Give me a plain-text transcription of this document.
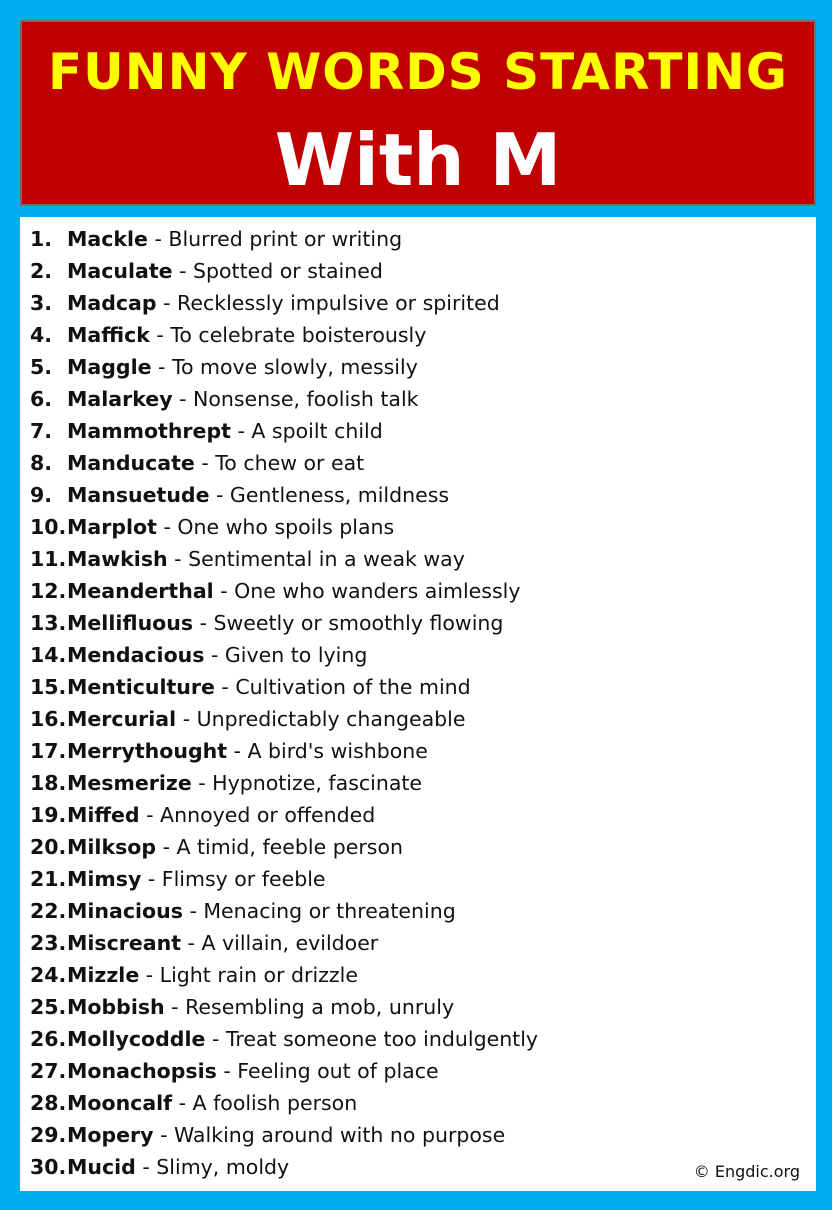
FUNNY WORDS STARTING
With M
1. Mackle - Blurred print or writing
2. Maculate - Spotted or stained
3. Madcap - Recklessly impulsive or spirited
4. Maffick - To celebrate boisterously
5. Maggle - To move slowly, messily
6. Malarkey - Nonsense, foolish talk
7. Mammothrept - A spoilt child
8. Manducate - To chew or eat
9. Mansuetude - Gentleness, mildness
10.Marplot - One who spoils plans
11.Mawkish - Sentimental in a weak way
12.Meanderthal - One who wanders aimlessly
13.Mellifluous - Sweetly or smoothly flowing
14.Mendacious - Given to lying
15.Menticulture - Cultivation of the mind
16.Mercurial - Unpredictably changeable
17.Merrythought - A bird's wishbone
18.Mesmerize - Hypnotize, fascinate
19.Miffed - Annoyed or offended
20.Milksop - A timid, feeble person
21.Mimsy - Flimsy or feeble
22.Minacious - Menacing or threatening
23.Miscreant - A villain, evildoer
24.Mizzle - Light rain or drizzle
25.Mobbish - Resembling a mob, unruly
26.Mollycoddle - Treat someone too indulgently
27.Monachopsis - Feeling out of place
28.Mooncalf - A foolish person
29.Mopery - Walking around with no purpose
30.Mucid - Slimy, moldy	© Engdic.org
